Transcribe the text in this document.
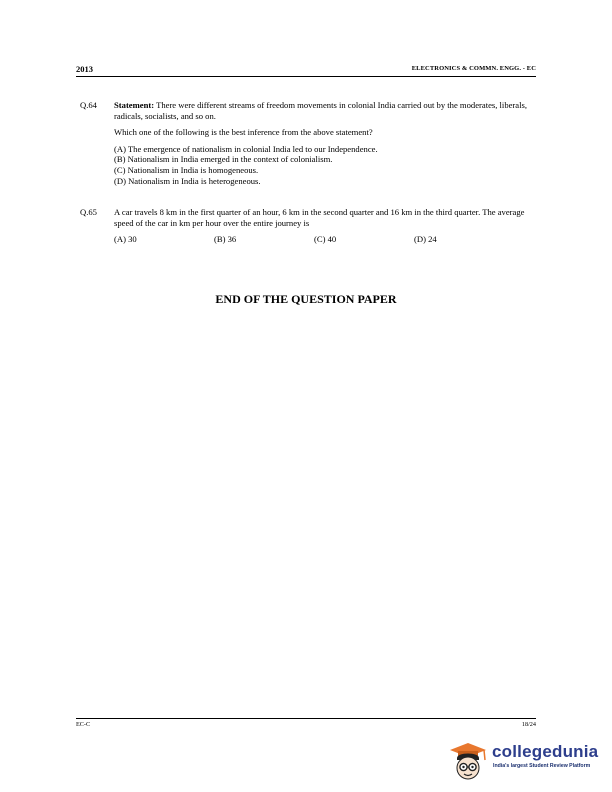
2013	ELECTRONICS & COMMN. ENGG. - EC
Q.64	Statement: There were different streams of freedom movements in colonial India carried out by the moderates, liberals, radicals, socialists, and so on.

Which one of the following is the best inference from the above statement?

(A) The emergence of nationalism in colonial India led to our Independence.

(B) Nationalism in India emerged in the context of colonialism.

(C) Nationalism in India is homogeneous.

(D) Nationalism in India is heterogeneous.

Q.65	A car travels 8 km in the first quarter of an hour, 6 km in the second quarter and 16 km in the third quarter. The average speed of the car in km per hour over the entire journey is

(A) 30	(B) 36	(C) 40	(D) 24
END OF THE QUESTION PAPER
EC-C	18/24
collegedunia
India's largest Student Review Platform
